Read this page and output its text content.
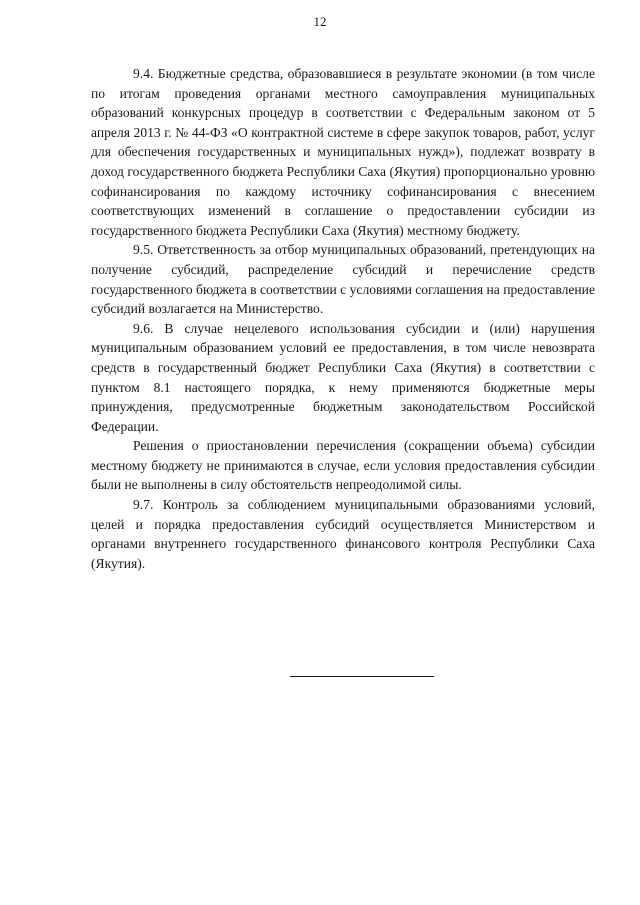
12

9.4. Бюджетные средства, образовавшиеся в результате экономии (в том числе по итогам проведения органами местного самоуправления муниципальных образований конкурсных процедур в соответствии с Федеральным законом от 5 апреля 2013 г. № 44-ФЗ «О контрактной системе в сфере закупок товаров, работ, услуг для обеспечения государственных и муниципальных нужд»), подлежат возврату в доход государственного бюджета Республики Саха (Якутия) пропорционально уровню софинансирования по каждому источнику софинансирования с внесением соответствующих изменений в соглашение о предоставлении субсидии из государственного бюджета Республики Саха (Якутия) местному бюджету.

9.5. Ответственность за отбор муниципальных образований, претендующих на получение субсидий, распределение субсидий и перечисление средств государственного бюджета в соответствии с условиями соглашения на предоставление субсидий возлагается на Министерство.

9.6. В случае нецелевого использования субсидии и (или) нарушения муниципальным образованием условий ее предоставления, в том числе невозврата средств в государственный бюджет Республики Саха (Якутия) в соответствии с пунктом 8.1 настоящего порядка, к нему применяются бюджетные меры принуждения, предусмотренные бюджетным законодательством Российской Федерации.

Решения о приостановлении перечисления (сокращении объема) субсидии местному бюджету не принимаются в случае, если условия предоставления субсидии были не выполнены в силу обстоятельств непреодолимой силы.

9.7. Контроль за соблюдением муниципальными образованиями условий, целей и порядка предоставления субсидий осуществляется Министерством и органами внутреннего государственного финансового контроля Республики Саха (Якутия).
